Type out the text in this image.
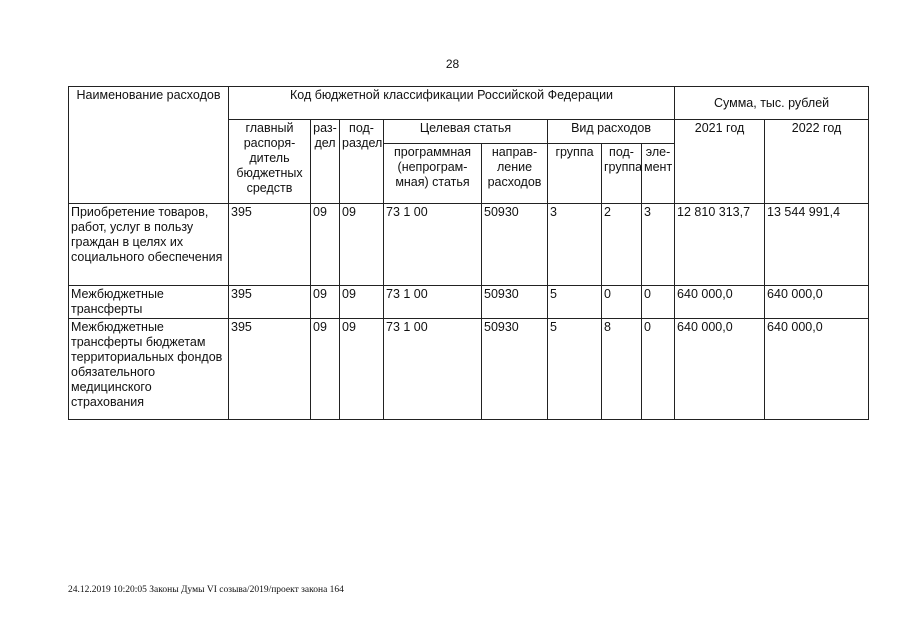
28
Наименование расходов	Код бюджетной классификации Российской Федерации								Сумма, тыс. рублей	
	главный распоря-дитель бюджетных средств	раз-дел	под-раздел	Целевая статья		Вид расходов			2021 год	2022 год
				программная (непрограм-мная) статья	направ-ление расходов	группа	под-группа	эле-мент		
Приобретение товаров, работ, услуг в пользу граждан в целях их социального обеспечения	395	09	09	73 1 00	50930	3	2	3	12 810 313,7	13 544 991,4
Межбюджетные трансферты	395	09	09	73 1 00	50930	5	0	0	640 000,0	640 000,0
Межбюджетные трансферты бюджетам территориальных фондов обязательного медицинского страхования	395	09	09	73 1 00	50930	5	8	0	640 000,0	640 000,0
24.12.2019 10:20:05 Законы Думы VI созыва/2019/проект закона 164
